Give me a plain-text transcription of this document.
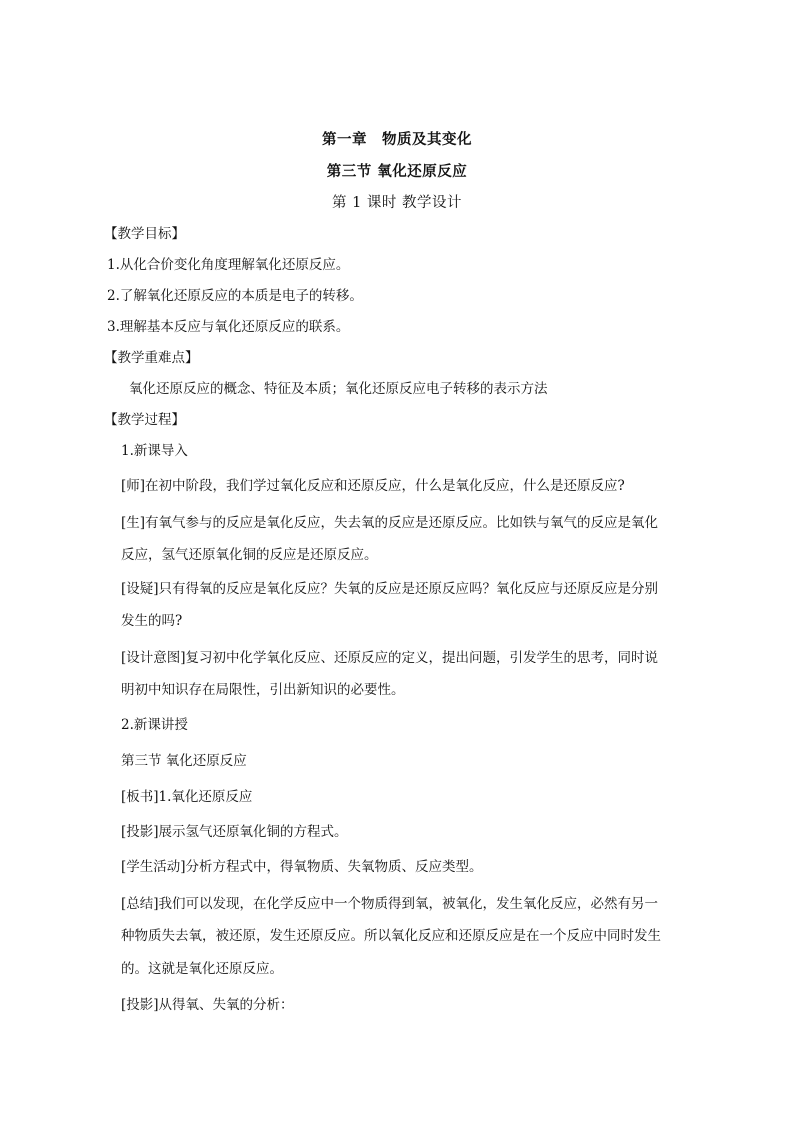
第一章　物质及其变化
第三节 氧化还原反应
第 1 课时 教学设计
【教学目标】
1.从化合价变化角度理解氧化还原反应。
2.了解氧化还原反应的本质是电子的转移。
3.理解基本反应与氧化还原反应的联系。
【教学重难点】
氧化还原反应的概念、特征及本质；氧化还原反应电子转移的表示方法
【教学过程】
1.新课导入
[师]在初中阶段，我们学过氧化反应和还原反应，什么是氧化反应，什么是还原反应?
[生]有氧气参与的反应是氧化反应，失去氧的反应是还原反应。比如铁与氧气的反应是氧化
反应，氢气还原氧化铜的反应是还原反应。
[设疑]只有得氧的反应是氧化反应？失氧的反应是还原反应吗？氧化反应与还原反应是分别
发生的吗?
[设计意图]复习初中化学氧化反应、还原反应的定义，提出问题，引发学生的思考，同时说
明初中知识存在局限性，引出新知识的必要性。
2.新课讲授
第三节 氧化还原反应
[板书]1.氧化还原反应
[投影]展示氢气还原氧化铜的方程式。
[学生活动]分析方程式中，得氧物质、失氧物质、反应类型。
[总结]我们可以发现，在化学反应中一个物质得到氧，被氧化，发生氧化反应，必然有另一
种物质失去氧，被还原，发生还原反应。所以氧化反应和还原反应是在一个反应中同时发生
的。这就是氧化还原反应。
[投影]从得氧、失氧的分析：
